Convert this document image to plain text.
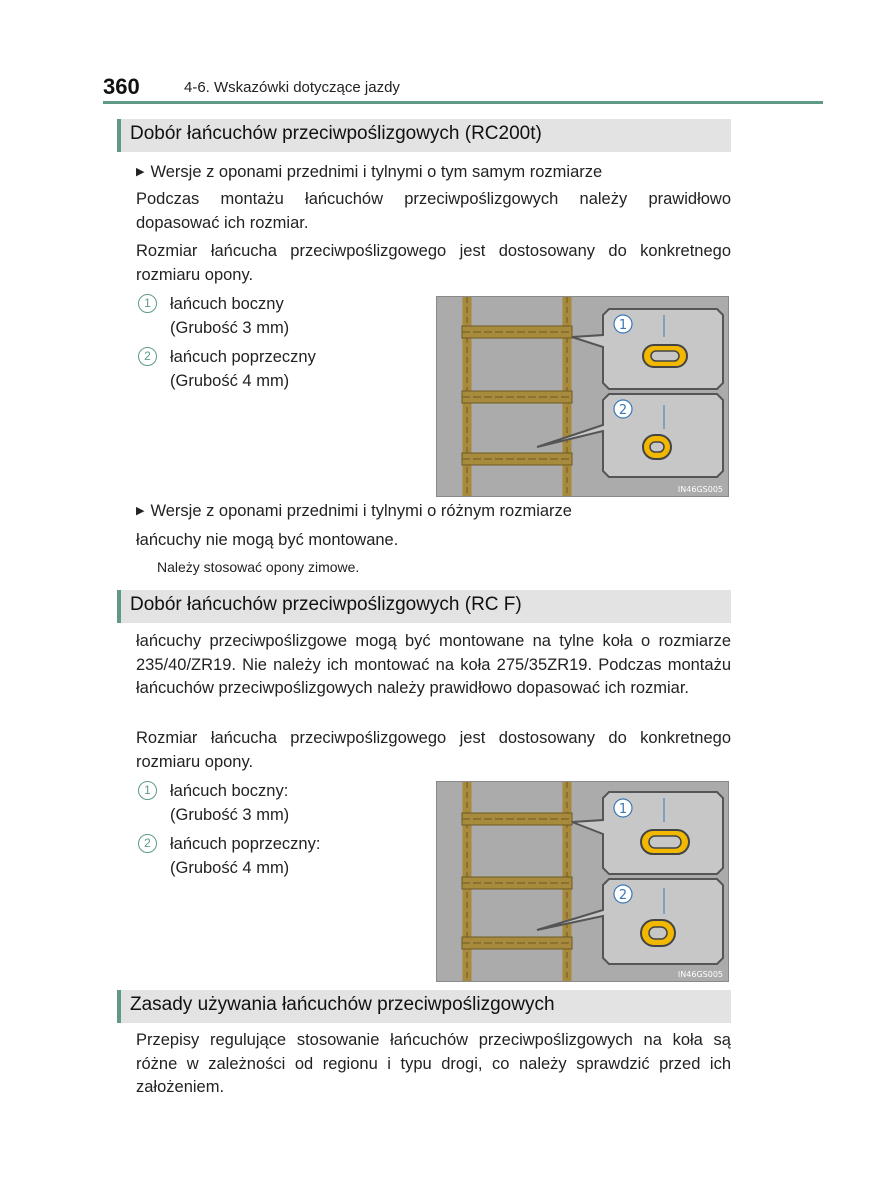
360	4-6. Wskazówki dotyczące jazdy
Dobór łańcuchów przeciwpoślizgowych (RC200t)
▶ Wersje z oponami przednimi i tylnymi o tym samym rozmiarze
Podczas montażu łańcuchów przeciwpoślizgowych należy prawidłowo dopasować ich rozmiar.
Rozmiar łańcucha przeciwpoślizgowego jest dostosowany do konkretnego rozmiaru opony.
1	łańcuch boczny
(Grubość 3 mm)
2	łańcuch poprzeczny
(Grubość 4 mm)
1
2
IN46GS005
▶ Wersje z oponami przednimi i tylnymi o różnym rozmiarze
łańcuchy nie mogą być montowane.
Należy stosować opony zimowe.
Dobór łańcuchów przeciwpoślizgowych (RC F)
łańcuchy przeciwpoślizgowe mogą być montowane na tylne koła o rozmiarze 235/40/ZR19. Nie należy ich montować na koła 275/35ZR19. Podczas montażu łańcuchów przeciwpoślizgowych należy prawidłowo dopasować ich rozmiar.
Rozmiar łańcucha przeciwpoślizgowego jest dostosowany do konkretnego rozmiaru opony.
1	łańcuch boczny:
(Grubość 3 mm)
2	łańcuch poprzeczny:
(Grubość 4 mm)
1
2
IN46GS005
Zasady używania łańcuchów przeciwpoślizgowych
Przepisy regulujące stosowanie łańcuchów przeciwpoślizgowych na koła są różne w zależności od regionu i typu drogi, co należy sprawdzić przed ich założeniem.
